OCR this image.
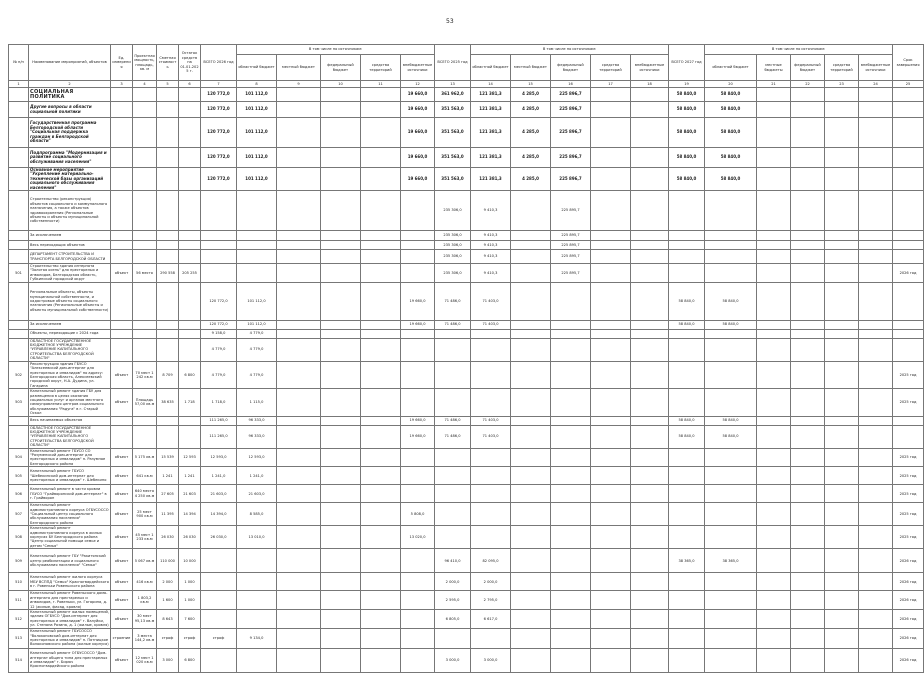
53
№ п/п	Наименование мероприятий, объектов	Ед. измерения	Проектная мощность, площадь, кв. м	Сметная стоимость	Остаток средств на 01.01.2025 г.	ВСЕГО 2026 год	В том числе по источникам:					ВСЕГО 2025 год	В том числе по источникам:					ВСЕГО 2027 год	В том числе по источникам:					Срок завершения
							областной бюджет	местный бюджет	федеральный бюджет	средства территорий	внебюджетные источники		областной бюджет	местный бюджет	федеральный бюджет	средства территорий	внебюджетные источники		областной бюджет	местные бюджеты	федеральный бюджет	средства территорий	внебюджетные источники	
1	2	3	4	5	6	7	8	9	10	11	12	13	14	15	16	17	18	19	20	21	22	23	24	25
	СОЦИАЛЬНАЯ ПОЛИТИКА					120 772,0	101 112,0				19 660,0	361 962,0	121 381,3	4 285,0	225 896,7			58 840,0	58 840,0					
	Другие вопросы в области социальной политики					120 772,0	101 112,0				19 660,0	351 563,0	121 381,3	4 285,0	225 896,7			58 840,0	58 840,0					
	Государственная программа Белгородской области "Социальная поддержка граждан в Белгородской области"					120 772,0	101 112,0				19 660,0	351 563,0	121 381,3	4 285,0	225 896,7			58 840,0	58 840,0					
	Подпрограмма "Модернизация и развитие социального обслуживания населения"					120 772,0	101 112,0				19 660,0	351 563,0	121 381,3	4 285,0	225 896,7			58 840,0	58 840,0					
	Основное мероприятие "Укрепление материально-технической базы организаций социального обслуживания населения"					120 772,0	101 112,0				19 660,0	351 563,0	121 381,3	4 285,0	225 896,7			58 840,0	58 840,0					
	Строительство (реконструкция) объектов социального и коммунального назначения, а также объектов здравоохранения (Региональные объекты и объекты муниципальной собственности)											235 306,0	9 410,3		225 895,7									
	За исключением											235 306,0	9 410,3		225 895,7									
	Весь переходящих объектов											235 306,0	9 410,3		225 895,7									
	ДЕПАРТАМЕНТ СТРОИТЕЛЬСТВА И ТРАНСПОРТА БЕЛГОРОДСКОЙ ОБЛАСТИ											235 306,0	9 410,3		225 895,7									
501	Строительство здания интерната "Золотая осень" для престарелых и инвалидов, Белгородская область, Губкинский городской округ	объект	56 место	290 558	205 255							235 306,0	9 410,3		225 895,7									2026 год
	Региональные объекты, объекты муниципальной собственности, и кадастровые объекты социального назначения (Региональные объекты и объекты муниципальной собственности)					120 772,0	101 112,0				19 660,0	71 486,0	71 403,0					58 840,0	58 840,0					
	За исключением					120 772,0	101 112,0				19 660,0	71 486,0	71 403,0					58 840,0	58 840,0					
	Объекты, переходящие с 2024 года					9 158,0	4 779,0																	
	ОБЛАСТНОЕ ГОСУДАРСТВЕННОЕ БЮДЖЕТНОЕ УЧРЕЖДЕНИЕ "УПРАВЛЕНИЕ КАПИТАЛЬНОГО СТРОИТЕЛЬСТВА БЕЛГОРОДСКОЙ ОБЛАСТИ"					4 779,0	4 779,0																	
502	Реконструкция здания ГБУСО "Алексеевский дом-интернат для престарелых и инвалидов" по адресу: Белгородская область, Алексеевский городской округ, Н.А. Дудина, ул. Гагарина	объект	70 мест 1 242 кв.м	8 709	6 800	4 779,0	4 779,0																	2025 год
503	Капитальный ремонт здания ГБУ для размещения в целях оказания социальных услуг и органов местного самоуправления центров социального обслуживания "Радуга" в г. Старый Оскол	объект	Площадь 57,00 кв.м	38 635	1 718	1 718,0	1 115,0																	2025 год
	Весь начинаемых объектов					111 265,0	96 333,0				19 660,0	71 486,0	71 403,0					58 840,0	58 840,0					
	ОБЛАСТНОЕ ГОСУДАРСТВЕННОЕ БЮДЖЕТНОЕ УЧРЕЖДЕНИЕ "УПРАВЛЕНИЕ КАПИТАЛЬНОГО СТРОИТЕЛЬСТВА БЕЛГОРОДСКОЙ ОБЛАСТИ"					111 265,0	96 333,0				19 660,0	71 486,0	71 403,0					58 840,0	58 840,0					
504	Капитальный ремонт ГБУСО СО "Разуменский дом-интернат для престарелых и инвалидов" п. Разумное Белгородского района	объект	5 175 кв.м	15 539	12 593	12 593,0	12 593,0																	2025 год
505	Капитальный ремонт ГБУСО "Шебекинский дом-интернат для престарелых и инвалидов" г. Шебекино	объект	641 кв.м	1 241	1 241	1 241,0	1 241,0																	2025 год
506	Капитальный ремонт в части кровли ГБУСО "Грайворонский дом-интернат" в г. Грайворон	объект	640 место 4 250 кв.м	27 605	21 603	21 603,0	21 603,0																	2025 год
507	Капитальный ремонт административного корпуса ОГБУСОССО "Социальный центр социального обслуживания населения" Белгородского района	объект	25 мест 900 кв.м	11 395	14 394	14 394,0	8 585,0				5 808,0													2025 год
508	Капитальный ремонт административного корпуса в жилых корпусах БУ Белгородского района "Центр социальной помощи семье и детям "Семья"	объект	45 мест 1 233 кв.м	26 030	26 030	26 030,0	13 010,0				13 020,0													2025 год
509	Капитальный ремонт ГБУ "Ракитянский центр реабилитации и социального обслуживания населения" "Семья"	объект	5 067 кв.м	110 000	10 000							96 410,0	82 095,0					38 365,0	38 365,0					2026 год
510	Капитальный ремонт жилого корпуса МБУ ВСППД "Семья" Красногвардейского в г. Ровеньки Ровеньского района	объект	416 кв.м	2 000	1 000							2 000,0	2 000,0											2026 год
511	Капитальный ремонт Ровеньского дома-интерната для престарелых и инвалидов, г. Ровеньки, ул. Гагарина, д. 12 (жилые, фасад, кровля)	объект	1 803,2 кв.м	1 600	1 000							2 595,0	2 795,0											2026 год
512	Капитальный ремонт жилых помещений, здания ОГБУСО "Дом-интернат для престарелых и инвалидов" г. Валуйки, ул. Степана Разина, д. 1 (жилые, кровля)	объект	30 мест 95,13 кв.м	8 643	7 600							6 805,0	6 617,0											2026 год
513	Капитальный ремонт ГБУСОССО "Волоконовский дом-интернат для престарелых и инвалидов" п. Пятницкое Волоконовского района (жилые корпуса)	строение	3 места 144,2 кв.м	строф	строф	строф	9 134,0																	2026 год
514	Капитальный ремонт ОГБУСОССО "Дом-интернат общего типа для престарелых и инвалидов" г. Бирюч Красногвардейского района	объект	12 мест 1 020 кв.м	3 000	6 800							3 000,0	3 000,0											2026 год
